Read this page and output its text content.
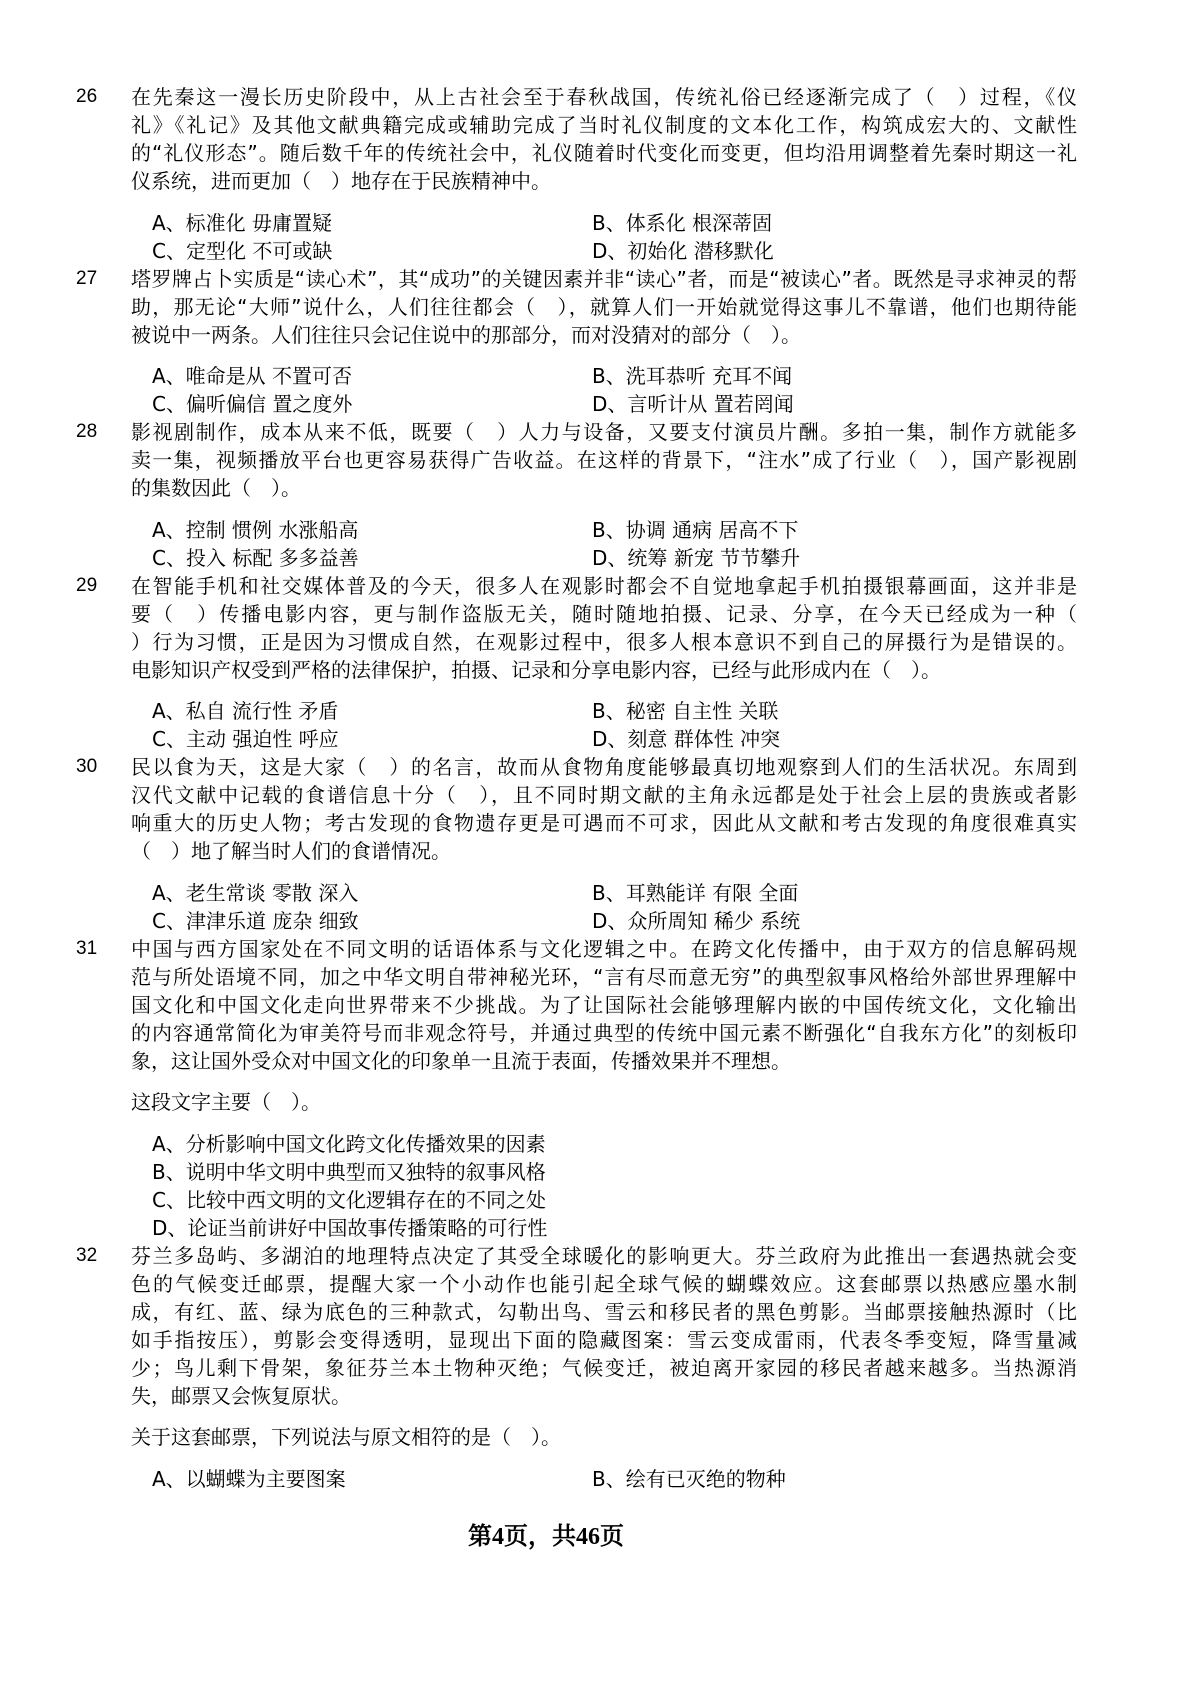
26	在先秦这一漫长历史阶段中，从上古社会至于春秋战国，传统礼俗已经逐渐完成了（　）过程，《仪
礼》《礼记》及其他文献典籍完成或辅助完成了当时礼仪制度的文本化工作，构筑成宏大的、文献性
的“礼仪形态”。随后数千年的传统社会中，礼仪随着时代变化而变更，但均沿用调整着先秦时期这一礼
仪系统，进而更加（　）地存在于民族精神中。
A、标准化 毋庸置疑	B、体系化 根深蒂固
C、定型化 不可或缺	D、初始化 潜移默化
27	塔罗牌占卜实质是“读心术”，其“成功”的关键因素并非“读心”者，而是“被读心”者。既然是寻求神灵的帮
助，那无论“大师”说什么，人们往往都会（　），就算人们一开始就觉得这事儿不靠谱，他们也期待能
被说中一两条。人们往往只会记住说中的那部分，而对没猜对的部分（　）。
A、唯命是从 不置可否	B、洗耳恭听 充耳不闻
C、偏听偏信 置之度外	D、言听计从 置若罔闻
28	影视剧制作，成本从来不低，既要（　）人力与设备，又要支付演员片酬。多拍一集，制作方就能多
卖一集，视频播放平台也更容易获得广告收益。在这样的背景下，“注水”成了行业（　），国产影视剧
的集数因此（　）。
A、控制 惯例 水涨船高	B、协调 通病 居高不下
C、投入 标配 多多益善	D、统筹 新宠 节节攀升
29	在智能手机和社交媒体普及的今天，很多人在观影时都会不自觉地拿起手机拍摄银幕画面，这并非是
要（　）传播电影内容，更与制作盗版无关，随时随地拍摄、记录、分享，在今天已经成为一种（
）行为习惯，正是因为习惯成自然，在观影过程中，很多人根本意识不到自己的屏摄行为是错误的。
电影知识产权受到严格的法律保护，拍摄、记录和分享电影内容，已经与此形成内在（　）。
A、私自 流行性 矛盾	B、秘密 自主性 关联
C、主动 强迫性 呼应	D、刻意 群体性 冲突
30	民以食为天，这是大家（　）的名言，故而从食物角度能够最真切地观察到人们的生活状况。东周到
汉代文献中记载的食谱信息十分（　），且不同时期文献的主角永远都是处于社会上层的贵族或者影
响重大的历史人物；考古发现的食物遗存更是可遇而不可求，因此从文献和考古发现的角度很难真实
（　）地了解当时人们的食谱情况。
A、老生常谈 零散 深入	B、耳熟能详 有限 全面
C、津津乐道 庞杂 细致	D、众所周知 稀少 系统
31	中国与西方国家处在不同文明的话语体系与文化逻辑之中。在跨文化传播中，由于双方的信息解码规
范与所处语境不同，加之中华文明自带神秘光环，“言有尽而意无穷”的典型叙事风格给外部世界理解中
国文化和中国文化走向世界带来不少挑战。为了让国际社会能够理解内嵌的中国传统文化，文化输出
的内容通常简化为审美符号而非观念符号，并通过典型的传统中国元素不断强化“自我东方化”的刻板印
象，这让国外受众对中国文化的印象单一且流于表面，传播效果并不理想。
这段文字主要（　）。
A、分析影响中国文化跨文化传播效果的因素
B、说明中华文明中典型而又独特的叙事风格
C、比较中西文明的文化逻辑存在的不同之处
D、论证当前讲好中国故事传播策略的可行性
32	芬兰多岛屿、多湖泊的地理特点决定了其受全球暖化的影响更大。芬兰政府为此推出一套遇热就会变
色的气候变迁邮票，提醒大家一个小动作也能引起全球气候的蝴蝶效应。这套邮票以热感应墨水制
成，有红、蓝、绿为底色的三种款式，勾勒出鸟、雪云和移民者的黑色剪影。当邮票接触热源时（比
如手指按压），剪影会变得透明，显现出下面的隐藏图案：雪云变成雷雨，代表冬季变短，降雪量减
少；鸟儿剩下骨架，象征芬兰本土物种灭绝；气候变迁，被迫离开家园的移民者越来越多。当热源消
失，邮票又会恢复原状。
关于这套邮票，下列说法与原文相符的是（　）。
A、以蝴蝶为主要图案	B、绘有已灭绝的物种
第4页，共46页
